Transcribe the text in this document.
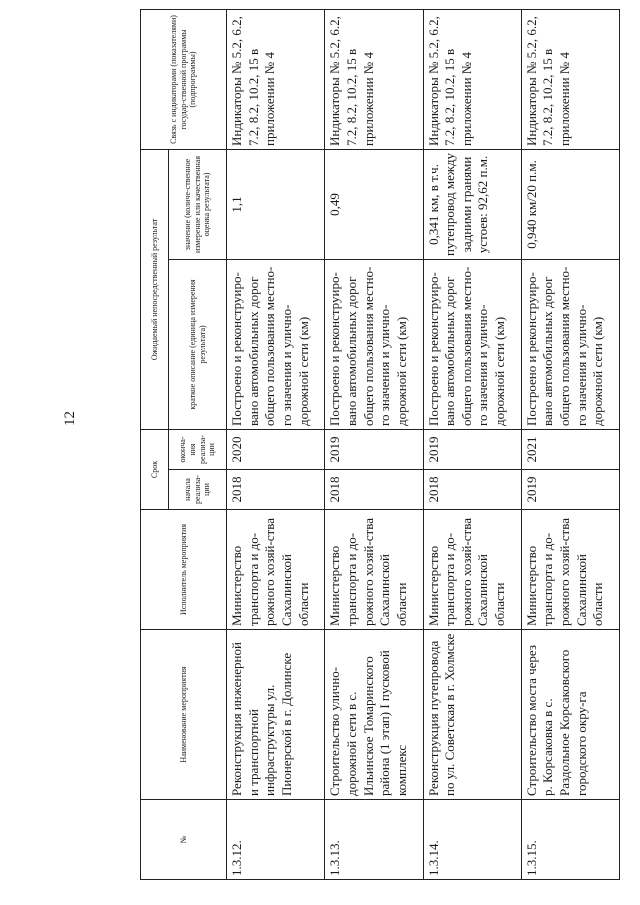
12
№	Наименование мероприятия	Исполнитель мероприятия	Срок		Ожидаемый непосредственный результат		Связь с индикаторами (показателями) государ-ственной программы (подпрограммы)
			начала реализа-ции	оконча-ния реализа-ции	краткое описание (единица измерения результата)	значение (количе-ственное измерение или качественная оценка результата)	
1.3.12.	Реконструкция инженерной и транспортной инфраструктуры ул. Пионерской в г. Долинске	Министерство транспорта и до-рожного хозяй-ства Сахалинской области	2018	2020	Построено и реконструиро-вано автомобильных дорог общего пользования местно-го значения и улично-дорожной сети (км)	1,1	Индикаторы № 5.2, 6.2, 7.2, 8.2, 10.2, 15 в приложении № 4
1.3.13.	Строительство улично-дорожной сети в с. Ильинское Томаринского района (1 этап) I пусковой комплекс	Министерство транспорта и до-рожного хозяй-ства Сахалинской области	2018	2019	Построено и реконструиро-вано автомобильных дорог общего пользования местно-го значения и улично-дорожной сети (км)	0,49	Индикаторы № 5.2, 6.2, 7.2, 8.2, 10.2, 15 в приложении № 4
1.3.14.	Реконструкция путепровода по ул. Советская в г. Холмске	Министерство транспорта и до-рожного хозяй-ства Сахалинской области	2018	2019	Построено и реконструиро-вано автомобильных дорог общего пользования местно-го значения и улично-дорожной сети (км)	0,341 км, в т.ч. путепровод между задними гранями устоев: 92,62 п.м.	Индикаторы № 5.2, 6.2, 7.2, 8.2, 10.2, 15 в приложении № 4
1.3.15.	Строительство моста через р. Корсаковка в с. Раздольное Корсаковского городского окру-га	Министерство транспорта и до-рожного хозяй-ства Сахалинской области	2019	2021	Построено и реконструиро-вано автомобильных дорог общего пользования местно-го значения и улично-дорожной сети (км)	0,940 км/20 п.м.	Индикаторы № 5.2, 6.2, 7.2, 8.2, 10.2, 15 в приложении № 4
